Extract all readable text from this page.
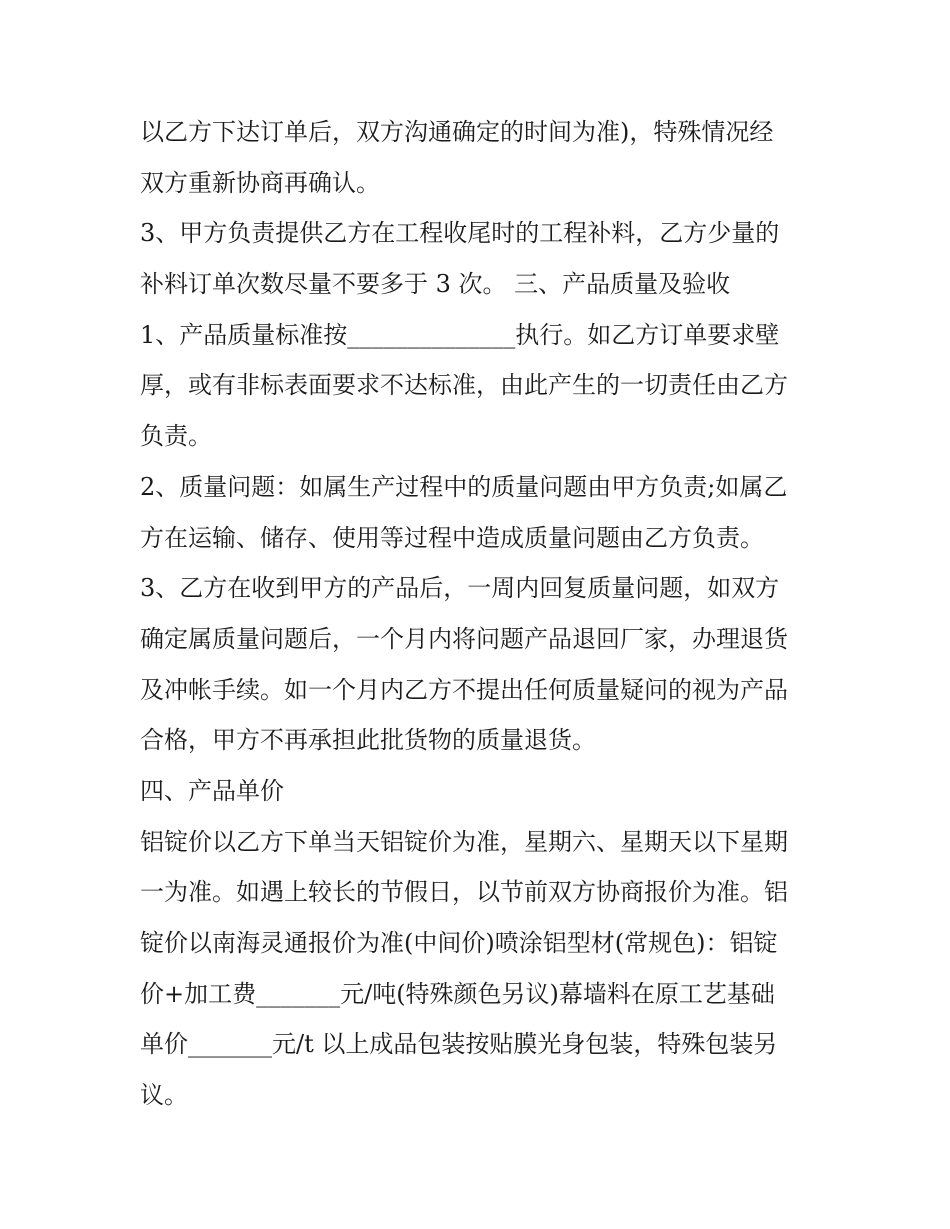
以乙方下达订单后，双方沟通确定的时间为准)，特殊情况经
双方重新协商再确认。
3、甲方负责提供乙方在工程收尾时的工程补料，乙方少量的
补料订单次数尽量不要多于 3 次。 三、产品质量及验收
1、产品质量标准按______________执行。如乙方订单要求壁
厚，或有非标表面要求不达标准，由此产生的一切责任由乙方
负责。
2、质量问题：如属生产过程中的质量问题由甲方负责;如属乙
方在运输、储存、使用等过程中造成质量问题由乙方负责。
3、乙方在收到甲方的产品后，一周内回复质量问题，如双方
确定属质量问题后，一个月内将问题产品退回厂家，办理退货
及冲帐手续。如一个月内乙方不提出任何质量疑问的视为产品
合格，甲方不再承担此批货物的质量退货。
四、产品单价
铝锭价以乙方下单当天铝锭价为准，星期六、星期天以下星期
一为准。如遇上较长的节假日，以节前双方协商报价为准。铝
锭价以南海灵通报价为准(中间价)喷涂铝型材(常规色)：铝锭
价+加工费_______元/吨(特殊颜色另议)幕墙料在原工艺基础
单价_______元/t 以上成品包装按贴膜光身包装，特殊包装另
议。
